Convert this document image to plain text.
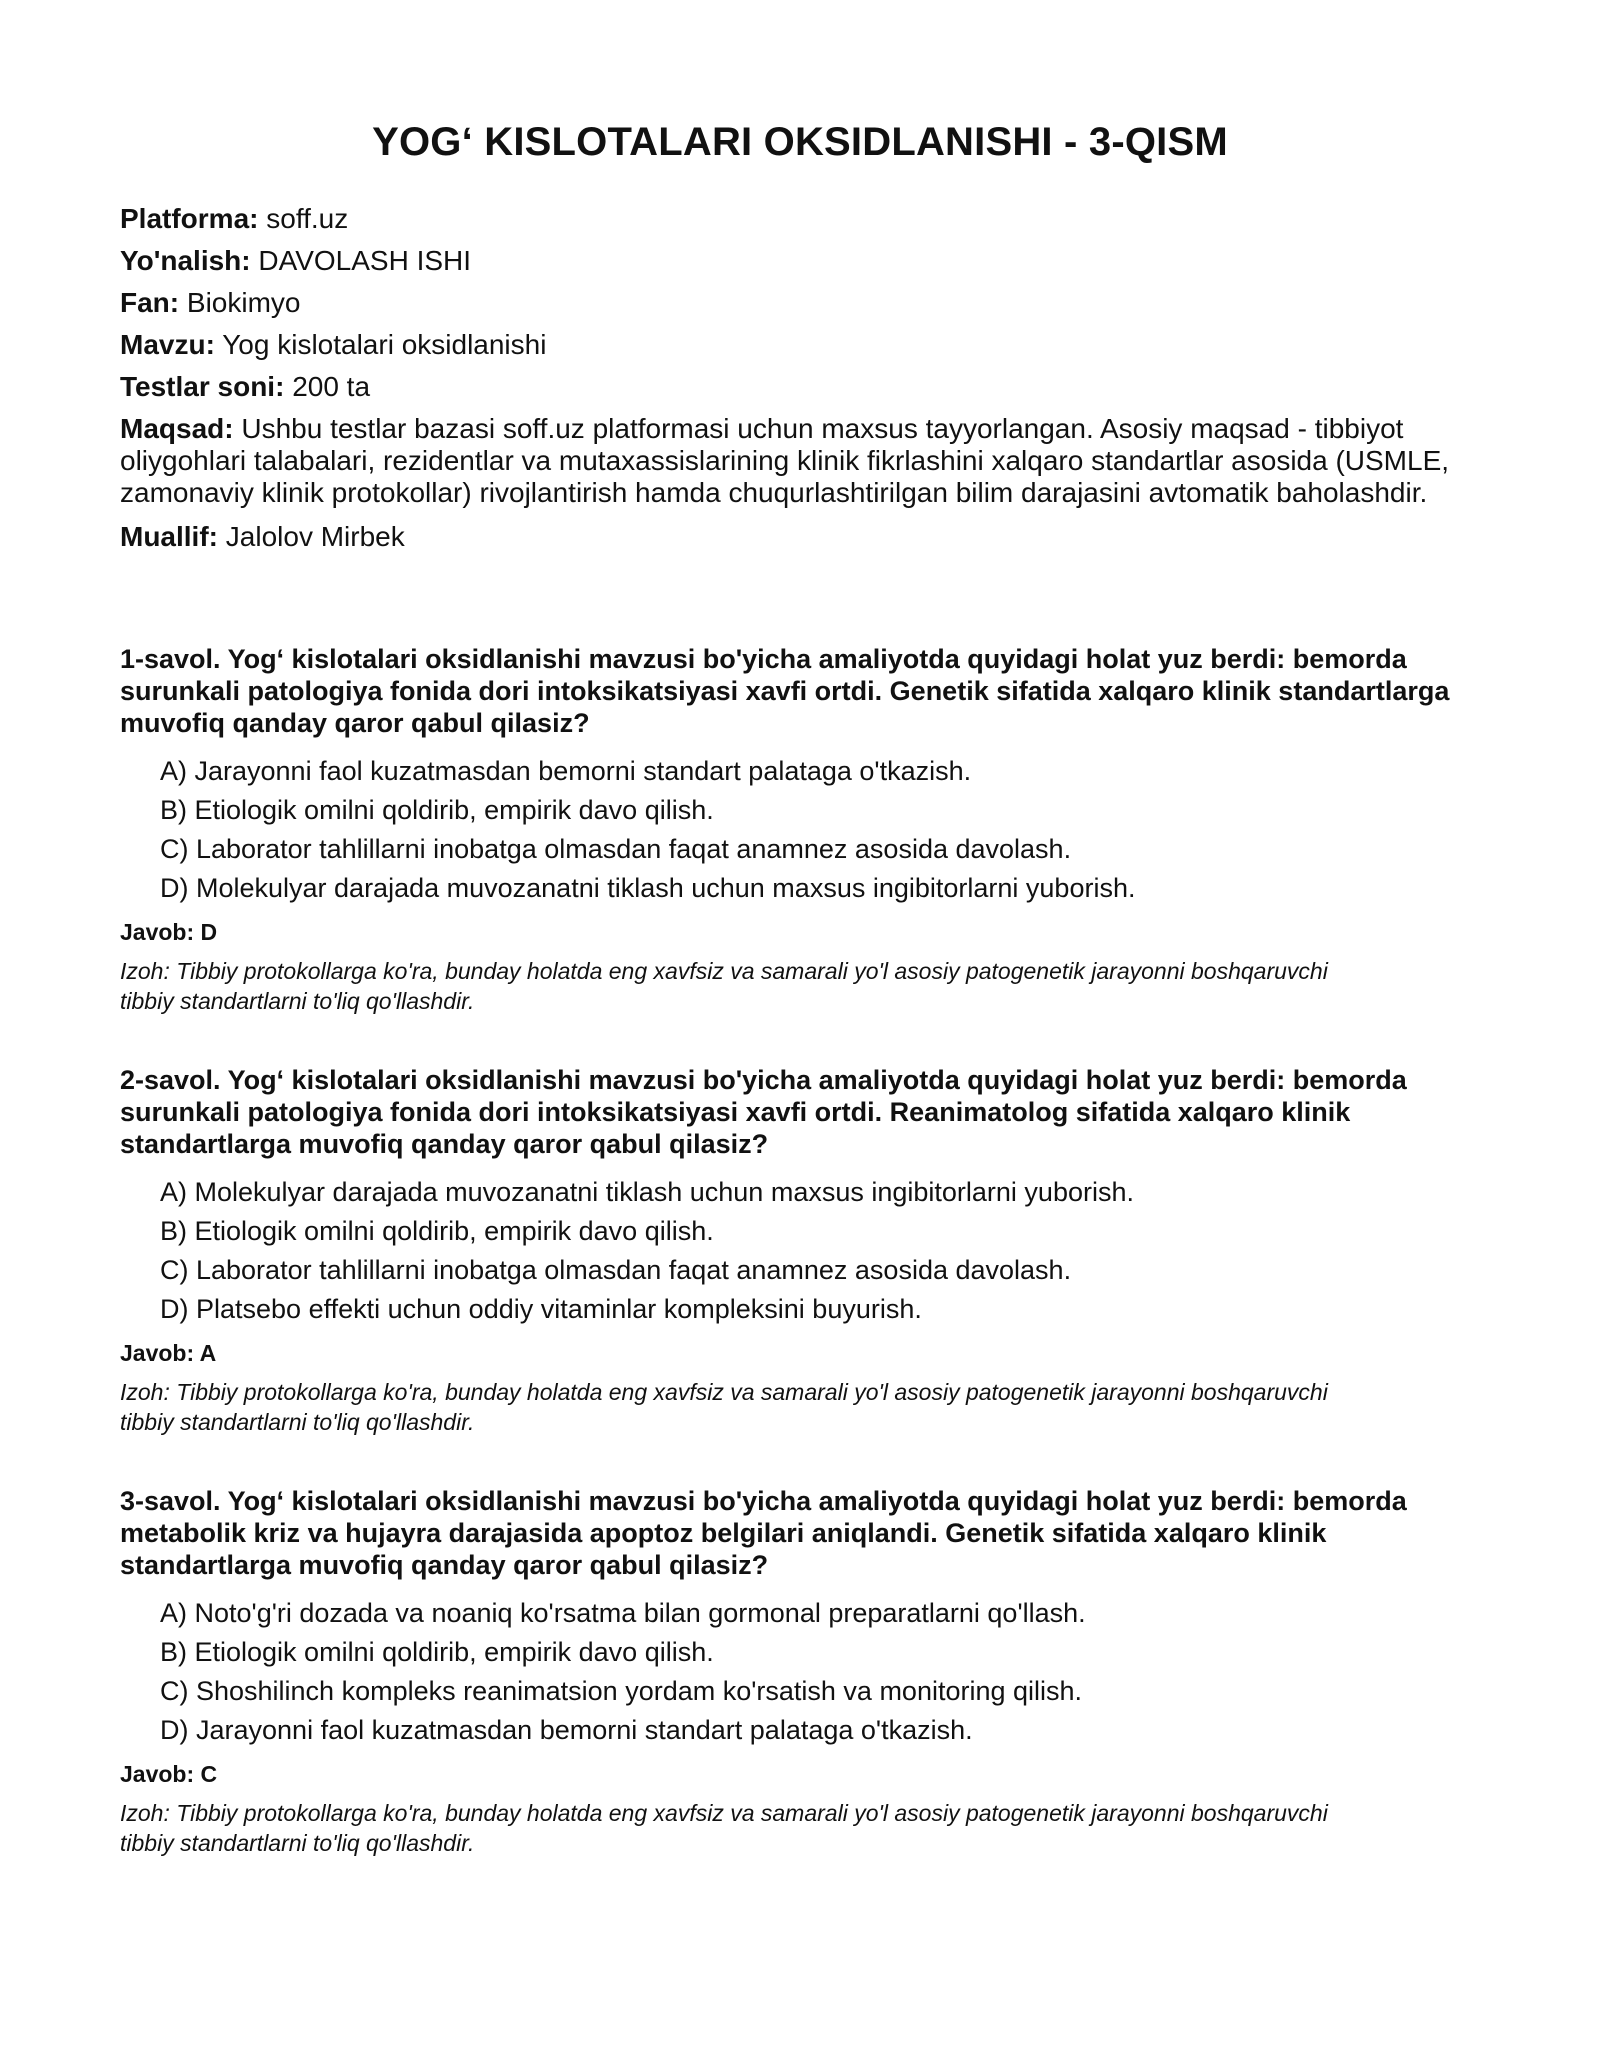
YOG‘ KISLOTALARI OKSIDLANISHI - 3-QISM
Platforma: soff.uz
Yo'nalish: DAVOLASH ISHI
Fan: Biokimyo
Mavzu: Yog kislotalari oksidlanishi
Testlar soni: 200 ta
Maqsad: Ushbu testlar bazasi soff.uz platformasi uchun maxsus tayyorlangan. Asosiy maqsad - tibbiyot oliygohlari talabalari, rezidentlar va mutaxassislarining klinik fikrlashini xalqaro standartlar asosida (USMLE, zamonaviy klinik protokollar) rivojlantirish hamda chuqurlashtirilgan bilim darajasini avtomatik baholashdir.
Muallif: Jalolov Mirbek

1-savol. Yog‘ kislotalari oksidlanishi mavzusi bo'yicha amaliyotda quyidagi holat yuz berdi: bemorda surunkali patologiya fonida dori intoksikatsiyasi xavfi ortdi. Genetik sifatida xalqaro klinik standartlarga muvofiq qanday qaror qabul qilasiz?

A) Jarayonni faol kuzatmasdan bemorni standart palataga o'tkazish.
B) Etiologik omilni qoldirib, empirik davo qilish.
C) Laborator tahlillarni inobatga olmasdan faqat anamnez asosida davolash.
D) Molekulyar darajada muvozanatni tiklash uchun maxsus ingibitorlarni yuborish.
Javob: D

Izoh: Tibbiy protokollarga ko'ra, bunday holatda eng xavfsiz va samarali yo'l asosiy patogenetik jarayonni boshqaruvchi tibbiy standartlarni to'liq qo'llashdir.

2-savol. Yog‘ kislotalari oksidlanishi mavzusi bo'yicha amaliyotda quyidagi holat yuz berdi: bemorda surunkali patologiya fonida dori intoksikatsiyasi xavfi ortdi. Reanimatolog sifatida xalqaro klinik standartlarga muvofiq qanday qaror qabul qilasiz?

A) Molekulyar darajada muvozanatni tiklash uchun maxsus ingibitorlarni yuborish.
B) Etiologik omilni qoldirib, empirik davo qilish.
C) Laborator tahlillarni inobatga olmasdan faqat anamnez asosida davolash.
D) Platsebo effekti uchun oddiy vitaminlar kompleksini buyurish.
Javob: A

Izoh: Tibbiy protokollarga ko'ra, bunday holatda eng xavfsiz va samarali yo'l asosiy patogenetik jarayonni boshqaruvchi tibbiy standartlarni to'liq qo'llashdir.

3-savol. Yog‘ kislotalari oksidlanishi mavzusi bo'yicha amaliyotda quyidagi holat yuz berdi: bemorda metabolik kriz va hujayra darajasida apoptoz belgilari aniqlandi. Genetik sifatida xalqaro klinik standartlarga muvofiq qanday qaror qabul qilasiz?

A) Noto'g'ri dozada va noaniq ko'rsatma bilan gormonal preparatlarni qo'llash.
B) Etiologik omilni qoldirib, empirik davo qilish.
C) Shoshilinch kompleks reanimatsion yordam ko'rsatish va monitoring qilish.
D) Jarayonni faol kuzatmasdan bemorni standart palataga o'tkazish.
Javob: C

Izoh: Tibbiy protokollarga ko'ra, bunday holatda eng xavfsiz va samarali yo'l asosiy patogenetik jarayonni boshqaruvchi tibbiy standartlarni to'liq qo'llashdir.
